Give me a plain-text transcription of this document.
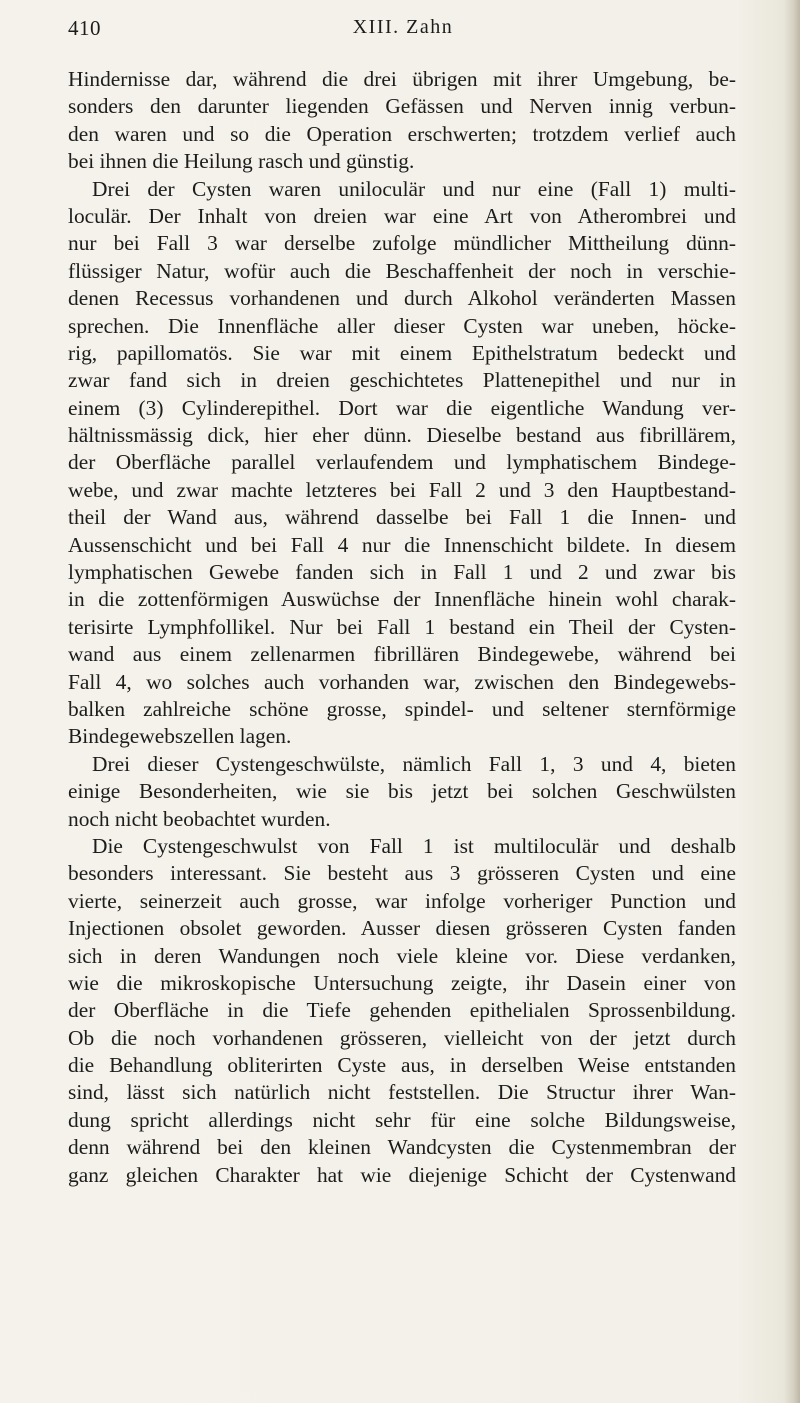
410	XIII. Zahn
Hindernisse dar, während die drei übrigen mit ihrer Umgebung, be-
sonders den darunter liegenden Gefässen und Nerven innig verbun-
den waren und so die Operation erschwerten; trotzdem verlief auch
bei ihnen die Heilung rasch und günstig.
Drei der Cysten waren uniloculär und nur eine (Fall 1) multi-
loculär. Der Inhalt von dreien war eine Art von Atherombrei und
nur bei Fall 3 war derselbe zufolge mündlicher Mittheilung dünn-
flüssiger Natur, wofür auch die Beschaffenheit der noch in verschie-
denen Recessus vorhandenen und durch Alkohol veränderten Massen
sprechen. Die Innenfläche aller dieser Cysten war uneben, höcke-
rig, papillomatös. Sie war mit einem Epithelstratum bedeckt und
zwar fand sich in dreien geschichtetes Plattenepithel und nur in
einem (3) Cylinderepithel. Dort war die eigentliche Wandung ver-
hältnissmässig dick, hier eher dünn. Dieselbe bestand aus fibrillärem,
der Oberfläche parallel verlaufendem und lymphatischem Bindege-
webe, und zwar machte letzteres bei Fall 2 und 3 den Hauptbestand-
theil der Wand aus, während dasselbe bei Fall 1 die Innen- und
Aussenschicht und bei Fall 4 nur die Innenschicht bildete. In diesem
lymphatischen Gewebe fanden sich in Fall 1 und 2 und zwar bis
in die zottenförmigen Auswüchse der Innenfläche hinein wohl charak-
terisirte Lymphfollikel. Nur bei Fall 1 bestand ein Theil der Cysten-
wand aus einem zellenarmen fibrillären Bindegewebe, während bei
Fall 4, wo solches auch vorhanden war, zwischen den Bindegewebs-
balken zahlreiche schöne grosse, spindel- und seltener sternförmige
Bindegewebszellen lagen.
Drei dieser Cystengeschwülste, nämlich Fall 1, 3 und 4, bieten
einige Besonderheiten, wie sie bis jetzt bei solchen Geschwülsten
noch nicht beobachtet wurden.
Die Cystengeschwulst von Fall 1 ist multiloculär und deshalb
besonders interessant. Sie besteht aus 3 grösseren Cysten und eine
vierte, seinerzeit auch grosse, war infolge vorheriger Punction und
Injectionen obsolet geworden. Ausser diesen grösseren Cysten fanden
sich in deren Wandungen noch viele kleine vor. Diese verdanken,
wie die mikroskopische Untersuchung zeigte, ihr Dasein einer von
der Oberfläche in die Tiefe gehenden epithelialen Sprossenbildung.
Ob die noch vorhandenen grösseren, vielleicht von der jetzt durch
die Behandlung obliterirten Cyste aus, in derselben Weise entstanden
sind, lässt sich natürlich nicht feststellen. Die Structur ihrer Wan-
dung spricht allerdings nicht sehr für eine solche Bildungsweise,
denn während bei den kleinen Wandcysten die Cystenmembran der
ganz gleichen Charakter hat wie diejenige Schicht der Cystenwand
